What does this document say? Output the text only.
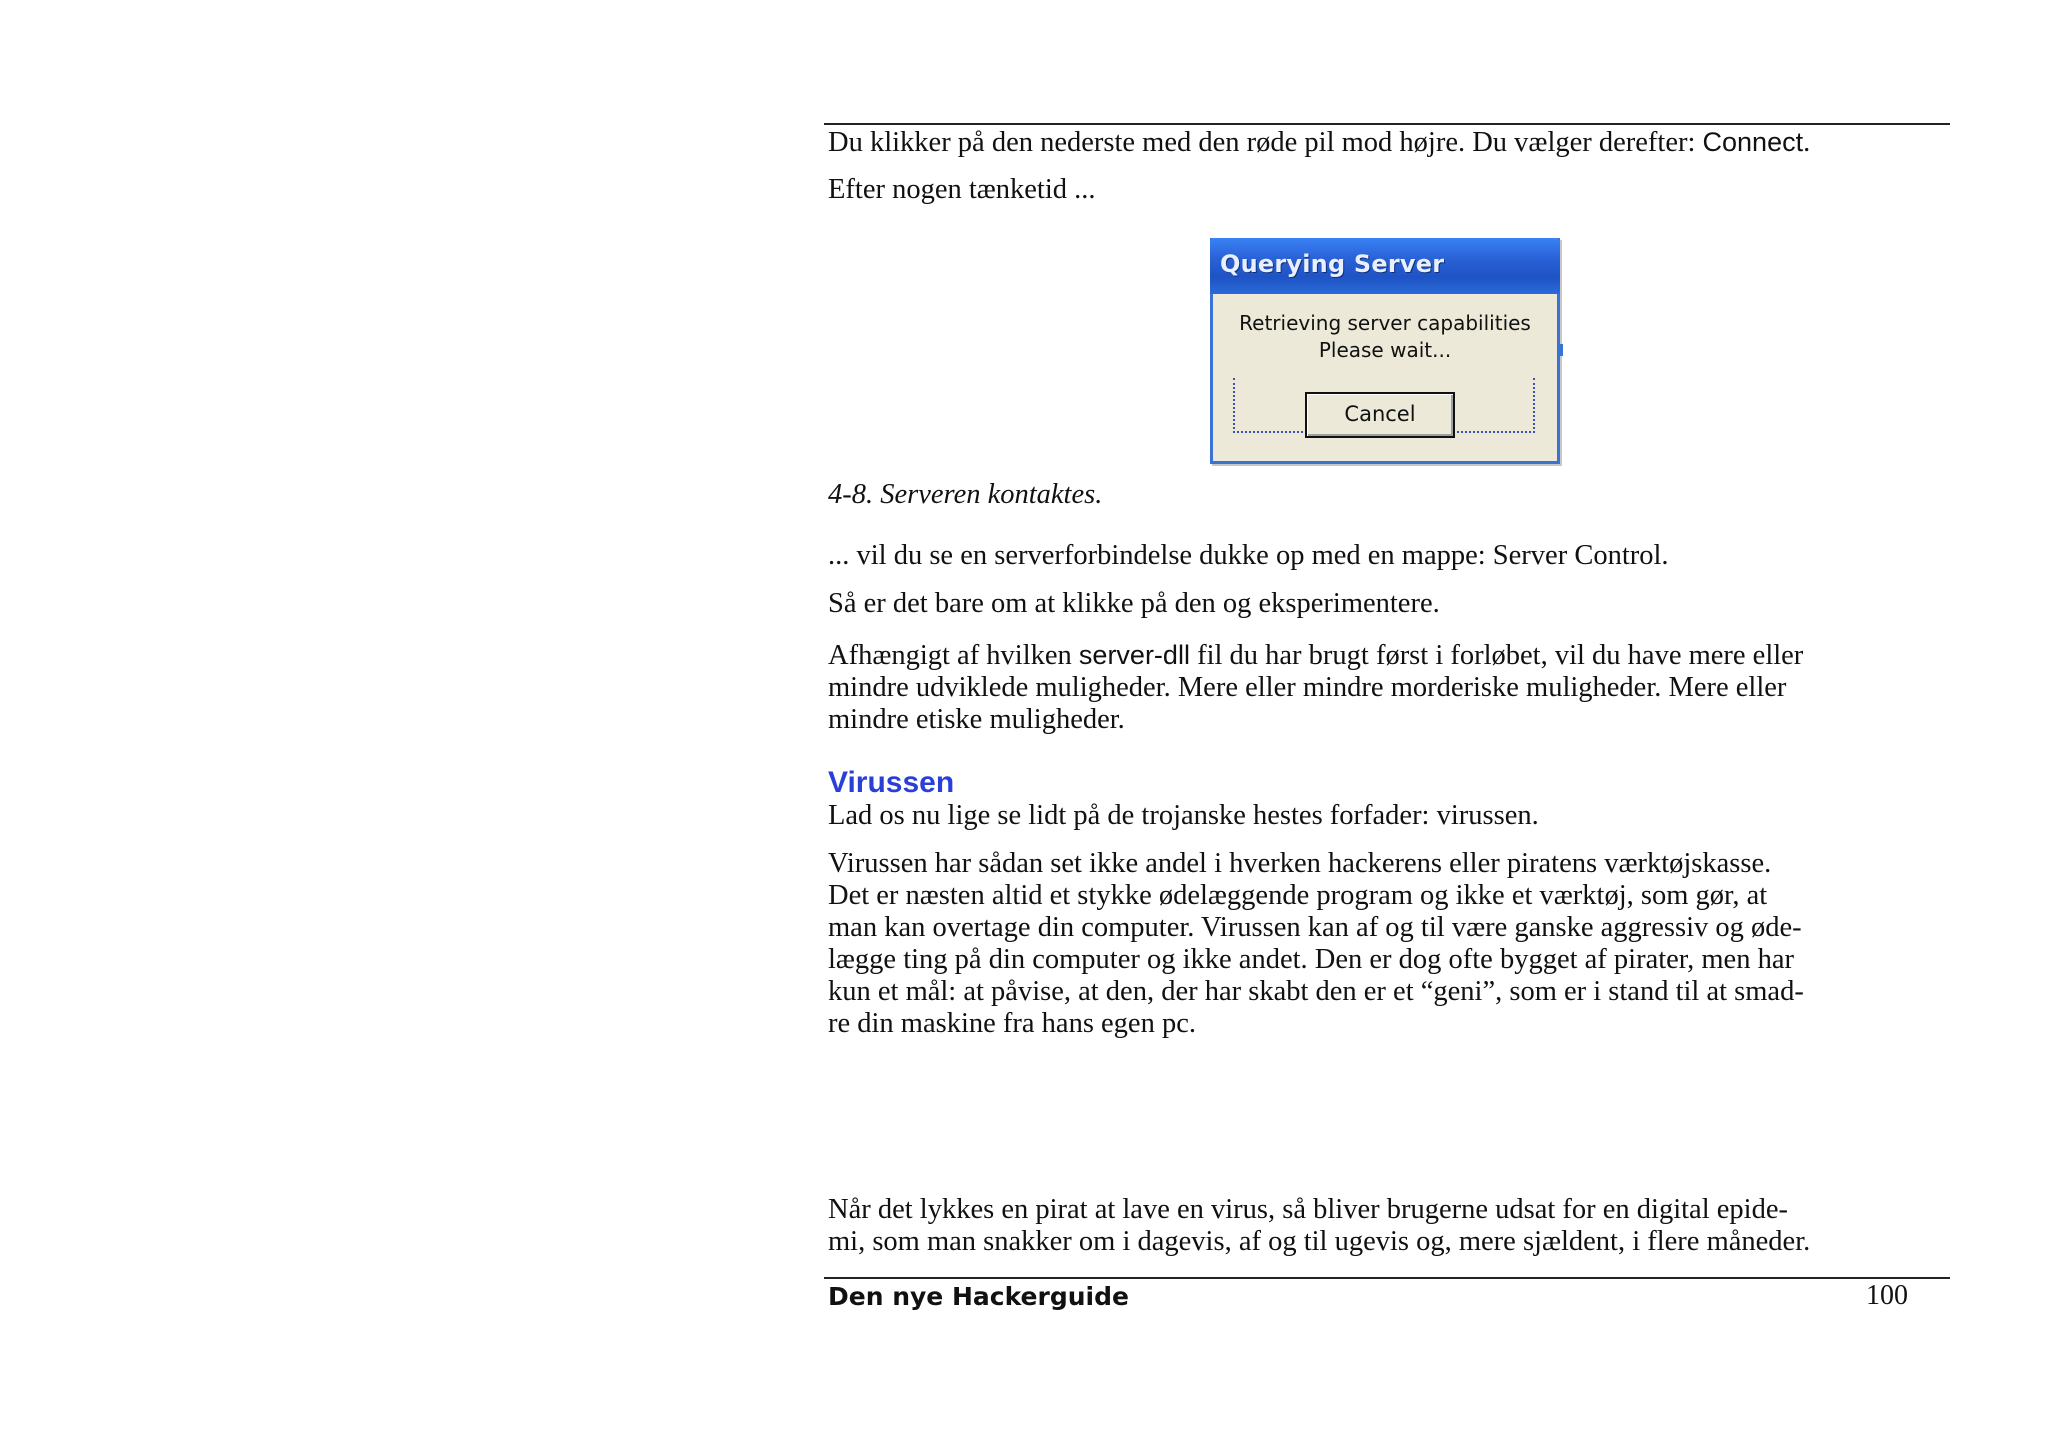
Du klikker på den nederste med den røde pil mod højre. Du vælger derefter: Connect.

Efter nogen tænketid ...

Querying Server
Retrieving server capabilities
Please wait...
Cancel

4-8. Serveren kontaktes.

... vil du se en serverforbindelse dukke op med en mappe: Server Control.

Så er det bare om at klikke på den og eksperimentere.

Afhængigt af hvilken server-dll fil du har brugt først i forløbet, vil du have mere eller
mindre udviklede muligheder. Mere eller mindre morderiske muligheder. Mere eller
mindre etiske muligheder.

Virussen

Lad os nu lige se lidt på de trojanske hestes forfader: virussen.

Virussen har sådan set ikke andel i hverken hackerens eller piratens værktøjskasse.
Det er næsten altid et stykke ødelæggende program og ikke et værktøj, som gør, at
man kan overtage din computer. Virussen kan af og til være ganske aggressiv og øde-
lægge ting på din computer og ikke andet. Den er dog ofte bygget af pirater, men har
kun et mål: at påvise, at den, der har skabt den er et “geni”, som er i stand til at smad-
re din maskine fra hans egen pc.

Når det lykkes en pirat at lave en virus, så bliver brugerne udsat for en digital epide-
mi, som man snakker om i dagevis, af og til ugevis og, mere sjældent, i flere måneder.

Den nye Hackerguide	100
